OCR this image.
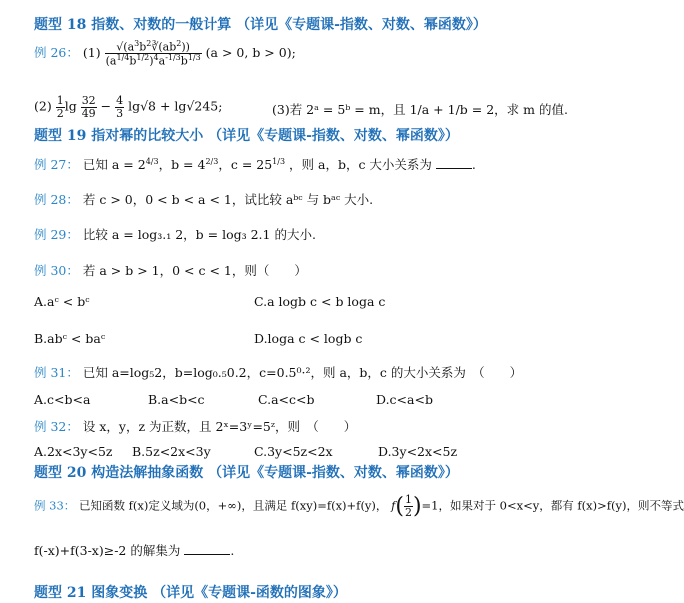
题型 18 指数、对数的一般计算 （详见《专题课-指数、对数、幂函数》）
例 26： $(1) \frac{√(a^3b^2∛(ab^2))}{(a^{1/4}b^{1/2})^4a^{-1/3}b^{1/3}} (a > 0$, b > 0);
$(2) \frac{1}{2}$ $\lg \frac{32}{49} - \frac{4}{3} \lg√8 + \lg√245$;	(3)若 2ᵃ = 5ᵇ = m，且 1/a + 1/b = 2，求 m 的值.
题型 19 指对幂的比较大小 （详见《专题课-指数、对数、幂函数》）
例 27： 已知 $a = 2^{4/3}$，$b = 4^{2/3}$，$c = 25^{1/3}$ ，则 a，b，c 大小关系为	.
例 28： 若 c > 0，0 < b < a < 1，试比较 aᵇᶜ 与 bᵃᶜ 大小.
例 29： 比较 a = log₃.₁ 2，b = log₃ 2.1 的大小.
例 30： 若 a > b > 1，0 < c < 1，则（　　）
A.aᶜ < bᶜ	C.a logb c < b loga c
B.abᶜ < baᶜ	D.loga c < logb c
例 31： 已知 a=log₅2，b=log₀.₅0.2，c=0.5⁰·²，则 a，b，c 的大小关系为　（　　）
A.c<b<a	B.a<b<c	C.a<c<b	D.c<a<b
例 32： 设 x，y，z 为正数，且 2ˣ=3ʸ=5ᶻ，则　（　　）
A.2x<3y<5z B.5z<2x<3y	C.3y<5z<2x	D.3y<2x<5z
题型 20 构造法解抽象函数 （详见《专题课-指数、对数、幂函数》）
例 33： 已知函数 f(x)定义域为(0，+∞)，且满足 f(xy)=f(x)+f(y)， $f( \frac{1}{2} )=1$，如果对于 0<x<y，都有 f(x)>f(y)，则不等式
f(-x)+f(3-x)≥-2 的解集为	.
题型 21 图象变换 （详见《专题课-函数的图象》）
